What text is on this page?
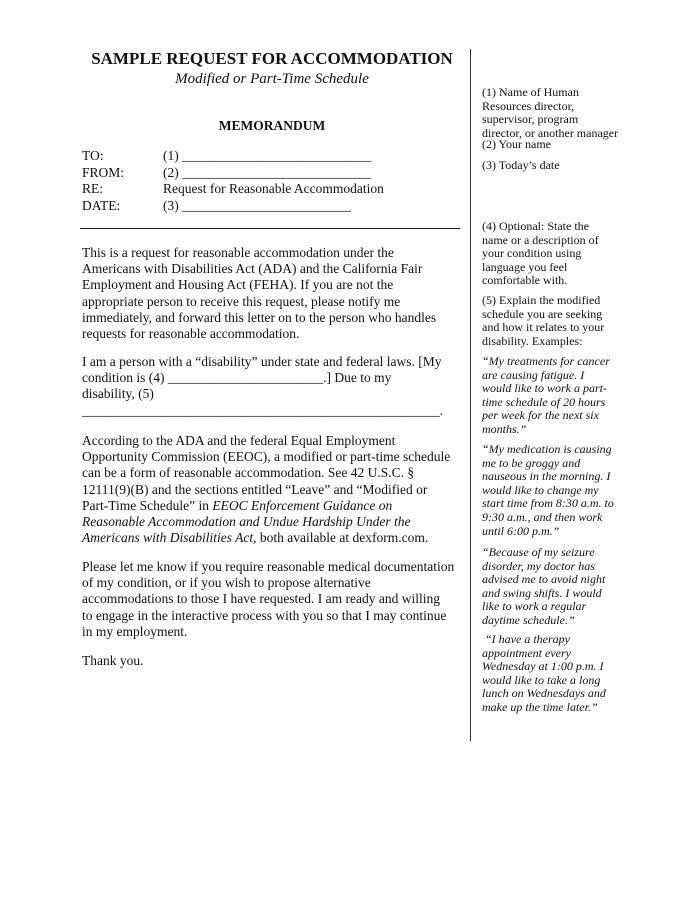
SAMPLE REQUEST FOR ACCOMMODATION

Modified or Part-Time Schedule

MEMORANDUM
TO:	(1) ____________________________
FROM:	(2) ____________________________
RE:	Request for Reasonable Accommodation
DATE:	(3) _________________________
This is a request for reasonable accommodation under the
Americans with Disabilities Act (ADA) and the California Fair
Employment and Housing Act (FEHA). If you are not the
appropriate person to receive this request, please notify me
immediately, and forward this letter on to the person who handles
requests for reasonable accommodation.
I am a person with a “disability” under state and federal laws. [My
condition is (4) _______________________.] Due to my
disability, (5)
_____________________________________________________.
According to the ADA and the federal Equal Employment
Opportunity Commission (EEOC), a modified or part-time schedule
can be a form of reasonable accommodation. See 42 U.S.C. §
12111(9)(B) and the sections entitled “Leave” and “Modified or
Part-Time Schedule” in EEOC Enforcement Guidance on
Reasonable Accommodation and Undue Hardship Under the
Americans with Disabilities Act, both available at dexform.com.
Please let me know if you require reasonable medical documentation
of my condition, or if you wish to propose alternative
accommodations to those I have requested. I am ready and willing
to engage in the interactive process with you so that I may continue
in my employment.
Thank you.
(1) Name of Human
Resources director,
supervisor, program
director, or another manager
(2) Your name
(3) Today’s date
(4) Optional: State the
name or a description of
your condition using
language you feel
comfortable with.
(5) Explain the modified
schedule you are seeking
and how it relates to your
disability. Examples:
“My treatments for cancer
are causing fatigue. I
would like to work a part-
time schedule of 20 hours
per week for the next six
months.”
“My medication is causing
me to be groggy and
nauseous in the morning. I
would like to change my
start time from 8:30 a.m. to
9:30 a.m., and then work
until 6:00 p.m.”
“Because of my seizure
disorder, my doctor has
advised me to avoid night
and swing shifts. I would
like to work a regular
daytime schedule.”
“I have a therapy
appointment every
Wednesday at 1:00 p.m. I
would like to take a long
lunch on Wednesdays and
make up the time later.”
